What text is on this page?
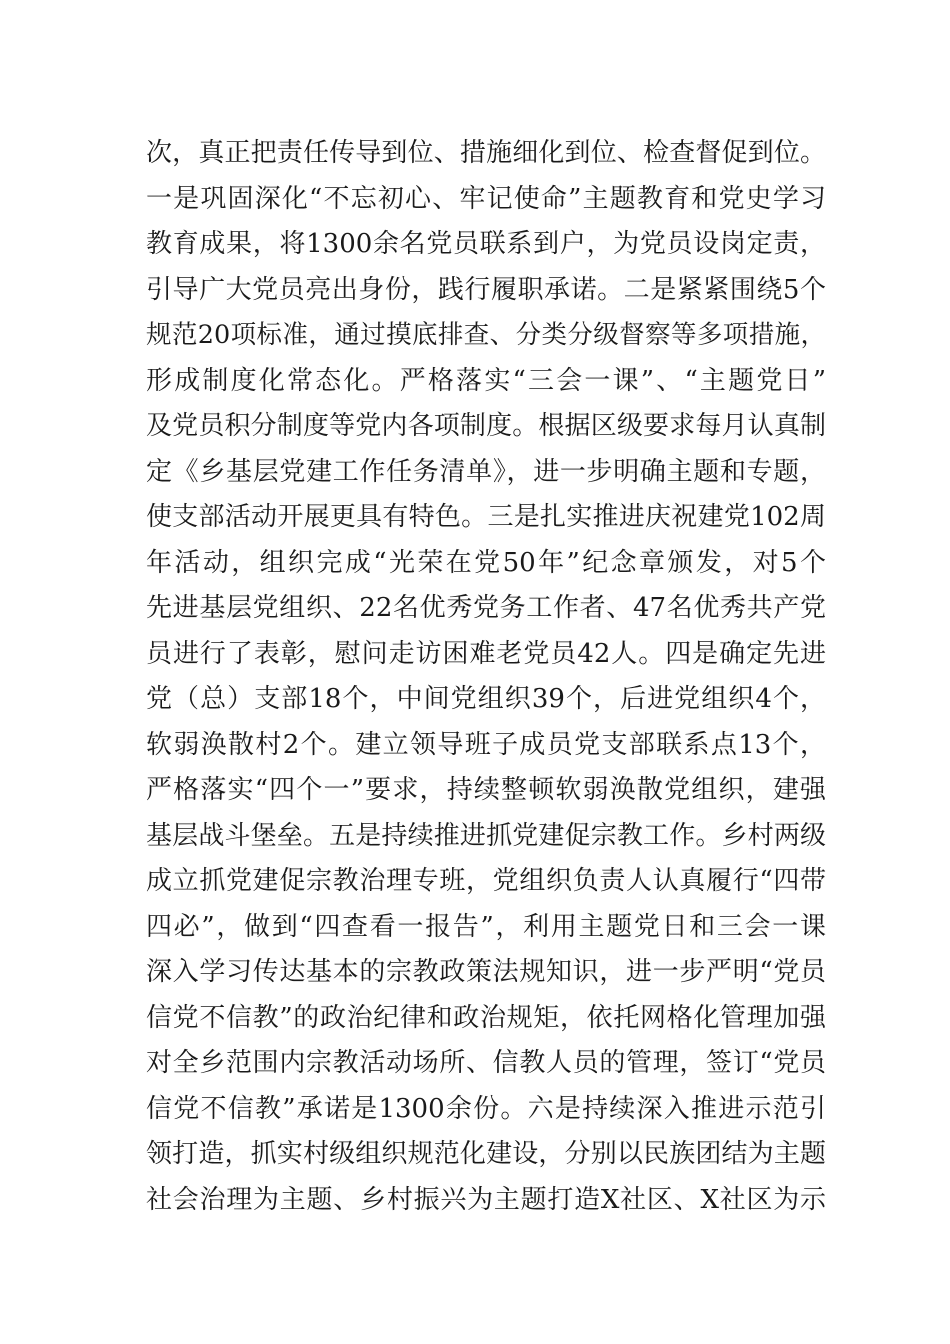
次，真正把责任传导到位、措施细化到位、检查督促到位。
一是巩固深化“不忘初心、牢记使命”主题教育和党史学习
教育成果，将1300余名党员联系到户，为党员设岗定责，
引导广大党员亮出身份，践行履职承诺。二是紧紧围绕5个
规范20项标准，通过摸底排查、分类分级督察等多项措施，
形成制度化常态化。严格落实“三会一课”、“主题党日”
及党员积分制度等党内各项制度。根据区级要求每月认真制
定《乡基层党建工作任务清单》，进一步明确主题和专题，
使支部活动开展更具有特色。三是扎实推进庆祝建党102周
年活动，组织完成“光荣在党50年”纪念章颁发，对5个
先进基层党组织、22名优秀党务工作者、47名优秀共产党
员进行了表彰，慰问走访困难老党员42人。四是确定先进
党（总）支部18个，中间党组织39个，后进党组织4个，
软弱涣散村2个。建立领导班子成员党支部联系点13个，
严格落实“四个一”要求，持续整顿软弱涣散党组织，建强
基层战斗堡垒。五是持续推进抓党建促宗教工作。乡村两级
成立抓党建促宗教治理专班，党组织负责人认真履行“四带
四必”，做到“四查看一报告”，利用主题党日和三会一课
深入学习传达基本的宗教政策法规知识，进一步严明“党员
信党不信教”的政治纪律和政治规矩，依托网格化管理加强
对全乡范围内宗教活动场所、信教人员的管理，签订“党员
信党不信教”承诺是1300余份。六是持续深入推进示范引
领打造，抓实村级组织规范化建设，分别以民族团结为主题
社会治理为主题、乡村振兴为主题打造X社区、X社区为示
